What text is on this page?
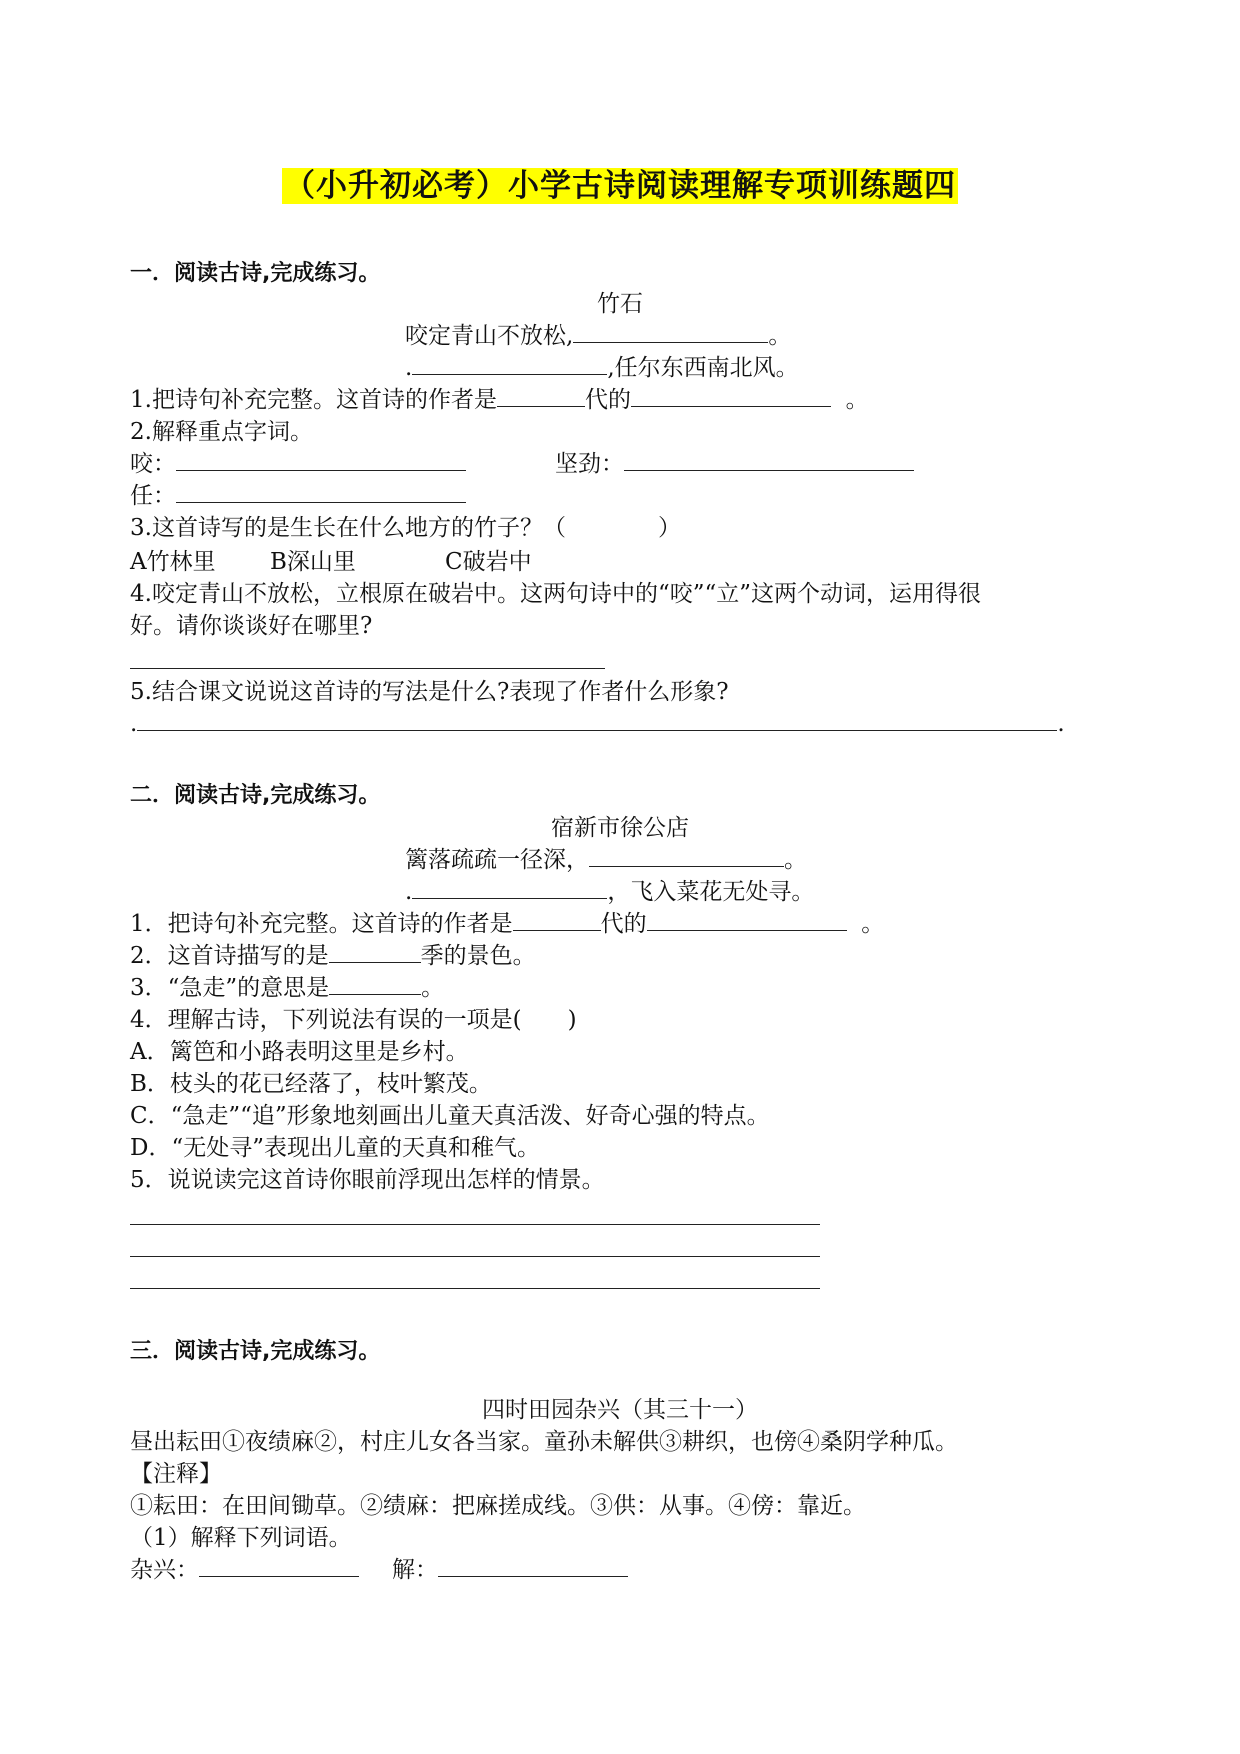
（小升初必考）小学古诗阅读理解专项训练题四
一．阅读古诗,完成练习。
竹石
咬定青山不放松,	。
.	,任尔东西南北风。
1.把诗句补充完整。这首诗的作者是	代的	。
2.解释重点字词。
咬：	坚劲：
任：
3.这首诗写的是生长在什么地方的竹子？（　　　　）
A竹林里 B深山里	C破岩中
4.咬定青山不放松，立根原在破岩中。这两句诗中的“咬”“立”这两个动词，运用得很
好。请你谈谈好在哪里?
5.结合课文说说这首诗的写法是什么?表现了作者什么形象?
.	.
二．阅读古诗,完成练习。
宿新市徐公店
篱落疏疏一径深，	。
.	，飞入菜花无处寻。
1．把诗句补充完整。这首诗的作者是	代的	。
2．这首诗描写的是	季的景色。
3．“急走”的意思是	。
4．理解古诗，下列说法有误的一项是(　　)
A．篱笆和小路表明这里是乡村。
B．枝头的花已经落了，枝叶繁茂。
C．“急走”“追”形象地刻画出儿童天真活泼、好奇心强的特点。
D．“无处寻”表现出儿童的天真和稚气。
5．说说读完这首诗你眼前浮现出怎样的情景。
三．阅读古诗,完成练习。
四时田园杂兴（其三十一）
昼出耘田①夜绩麻②，村庄儿女各当家。童孙未解供③耕织，也傍④桑阴学种瓜。
【注释】
①耘田：在田间锄草。②绩麻：把麻搓成线。③供：从事。④傍：靠近。
（1）解释下列词语。
杂兴：	解：
